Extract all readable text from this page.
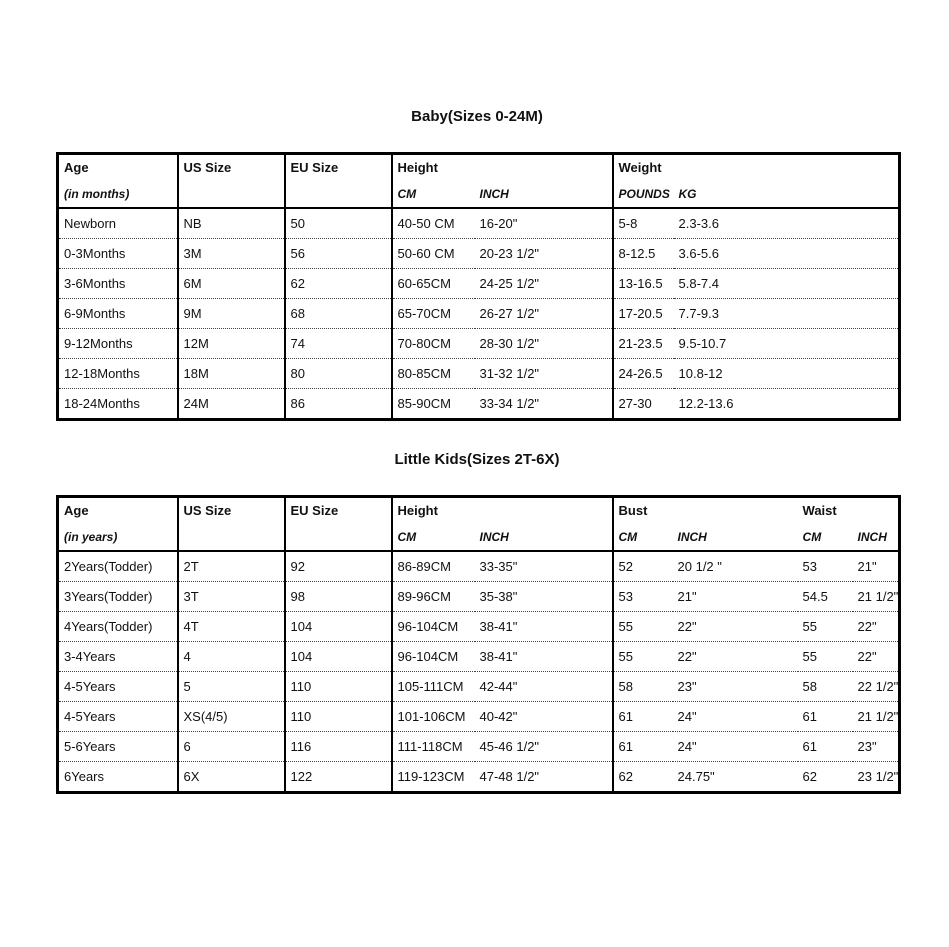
Baby(Sizes 0-24M)

Age	US Size	EU Size	Height		Weight	
(in months)			CM	INCH	POUNDS	KG
Newborn	NB	50	40-50 CM	16-20"	5-8	2.3-3.6
0-3Months	3M	56	50-60 CM	20-23 1/2"	8-12.5	3.6-5.6
3-6Months	6M	62	60-65CM	24-25 1/2"	13-16.5	5.8-7.4
6-9Months	9M	68	65-70CM	26-27 1/2"	17-20.5	7.7-9.3
9-12Months	12M	74	70-80CM	28-30 1/2"	21-23.5	9.5-10.7
12-18Months	18M	80	80-85CM	31-32 1/2"	24-26.5	10.8-12
18-24Months	24M	86	85-90CM	33-34 1/2"	27-30	12.2-13.6

Little Kids(Sizes 2T-6X)

Age	US Size	EU Size	Height		Bust		Waist	
(in years)			CM	INCH	CM	INCH	CM	INCH
2Years(Todder)	2T	92	86-89CM	33-35"	52	20 1/2 "	53	21"
3Years(Todder)	3T	98	89-96CM	35-38"	53	21"	54.5	21 1/2"
4Years(Todder)	4T	104	96-104CM	38-41"	55	22"	55	22"
3-4Years	4	104	96-104CM	38-41"	55	22"	55	22"
4-5Years	5	110	105-111CM	42-44"	58	23"	58	22 1/2"
4-5Years	XS(4/5)	110	101-106CM	40-42"	61	24"	61	21 1/2"
5-6Years	6	116	111-118CM	45-46 1/2"	61	24"	61	23"
6Years	6X	122	119-123CM	47-48 1/2"	62	24.75"	62	23 1/2"
